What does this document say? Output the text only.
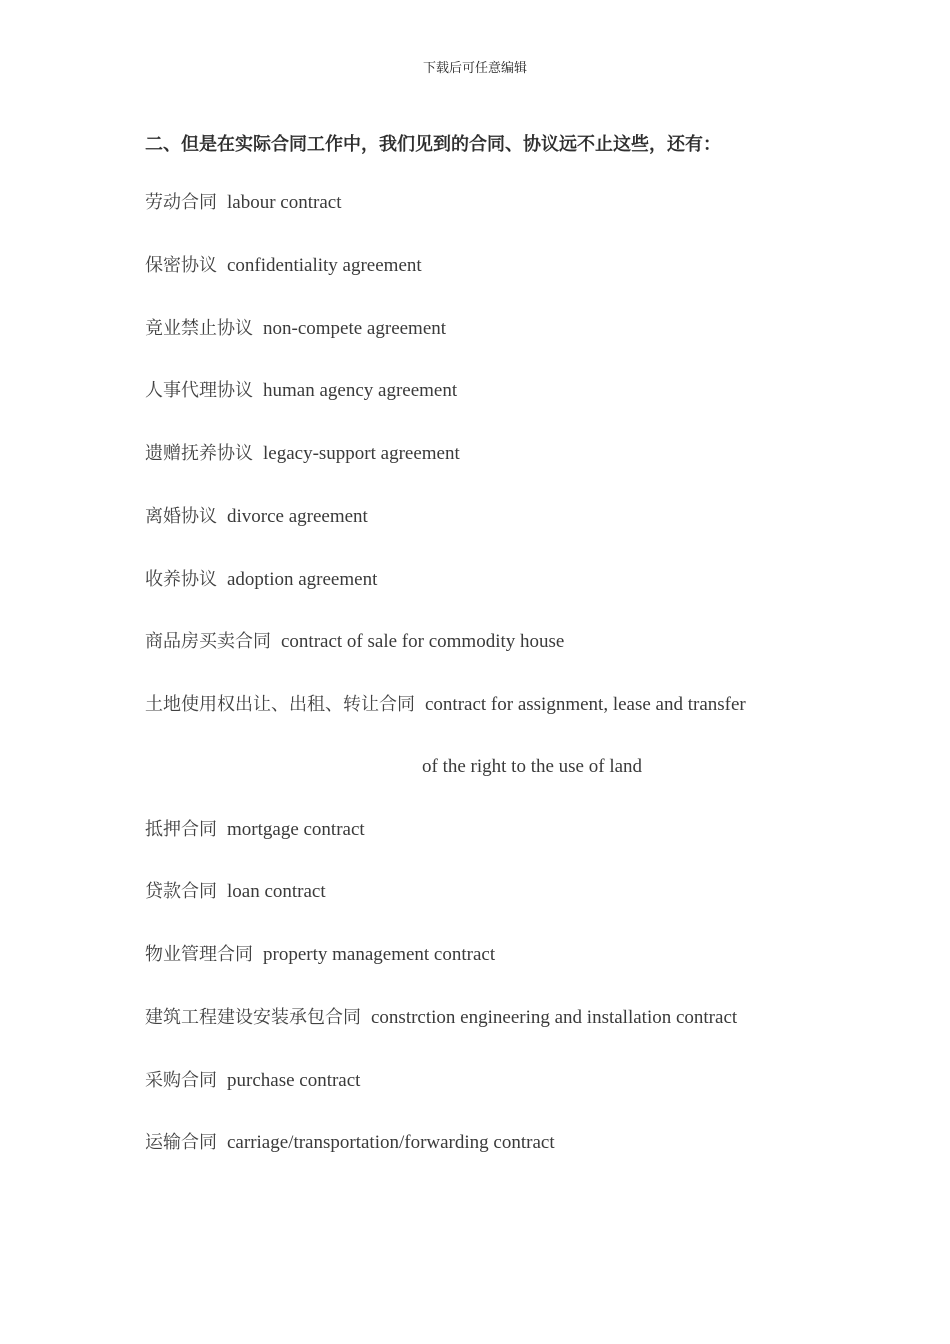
下载后可任意编辑
二、但是在实际合同工作中，我们见到的合同、协议远不止这些，还有：
劳动合同 labour contract
保密协议 confidentiality agreement
竟业禁止协议 non-compete agreement
人事代理协议 human agency agreement
遗赠抚养协议 legacy-support agreement
离婚协议 divorce agreement
收养协议 adoption agreement
商品房买卖合同 contract of sale for commodity house
土地使用权出让、出租、转让合同 contract for assignment, lease and transfer
of the right to the use of land
抵押合同 mortgage contract
贷款合同 loan contract
物业管理合同 property management contract
建筑工程建设安装承包合同 constrction engineering and installation contract
采购合同 purchase contract
运输合同 carriage/transportation/forwarding contract
